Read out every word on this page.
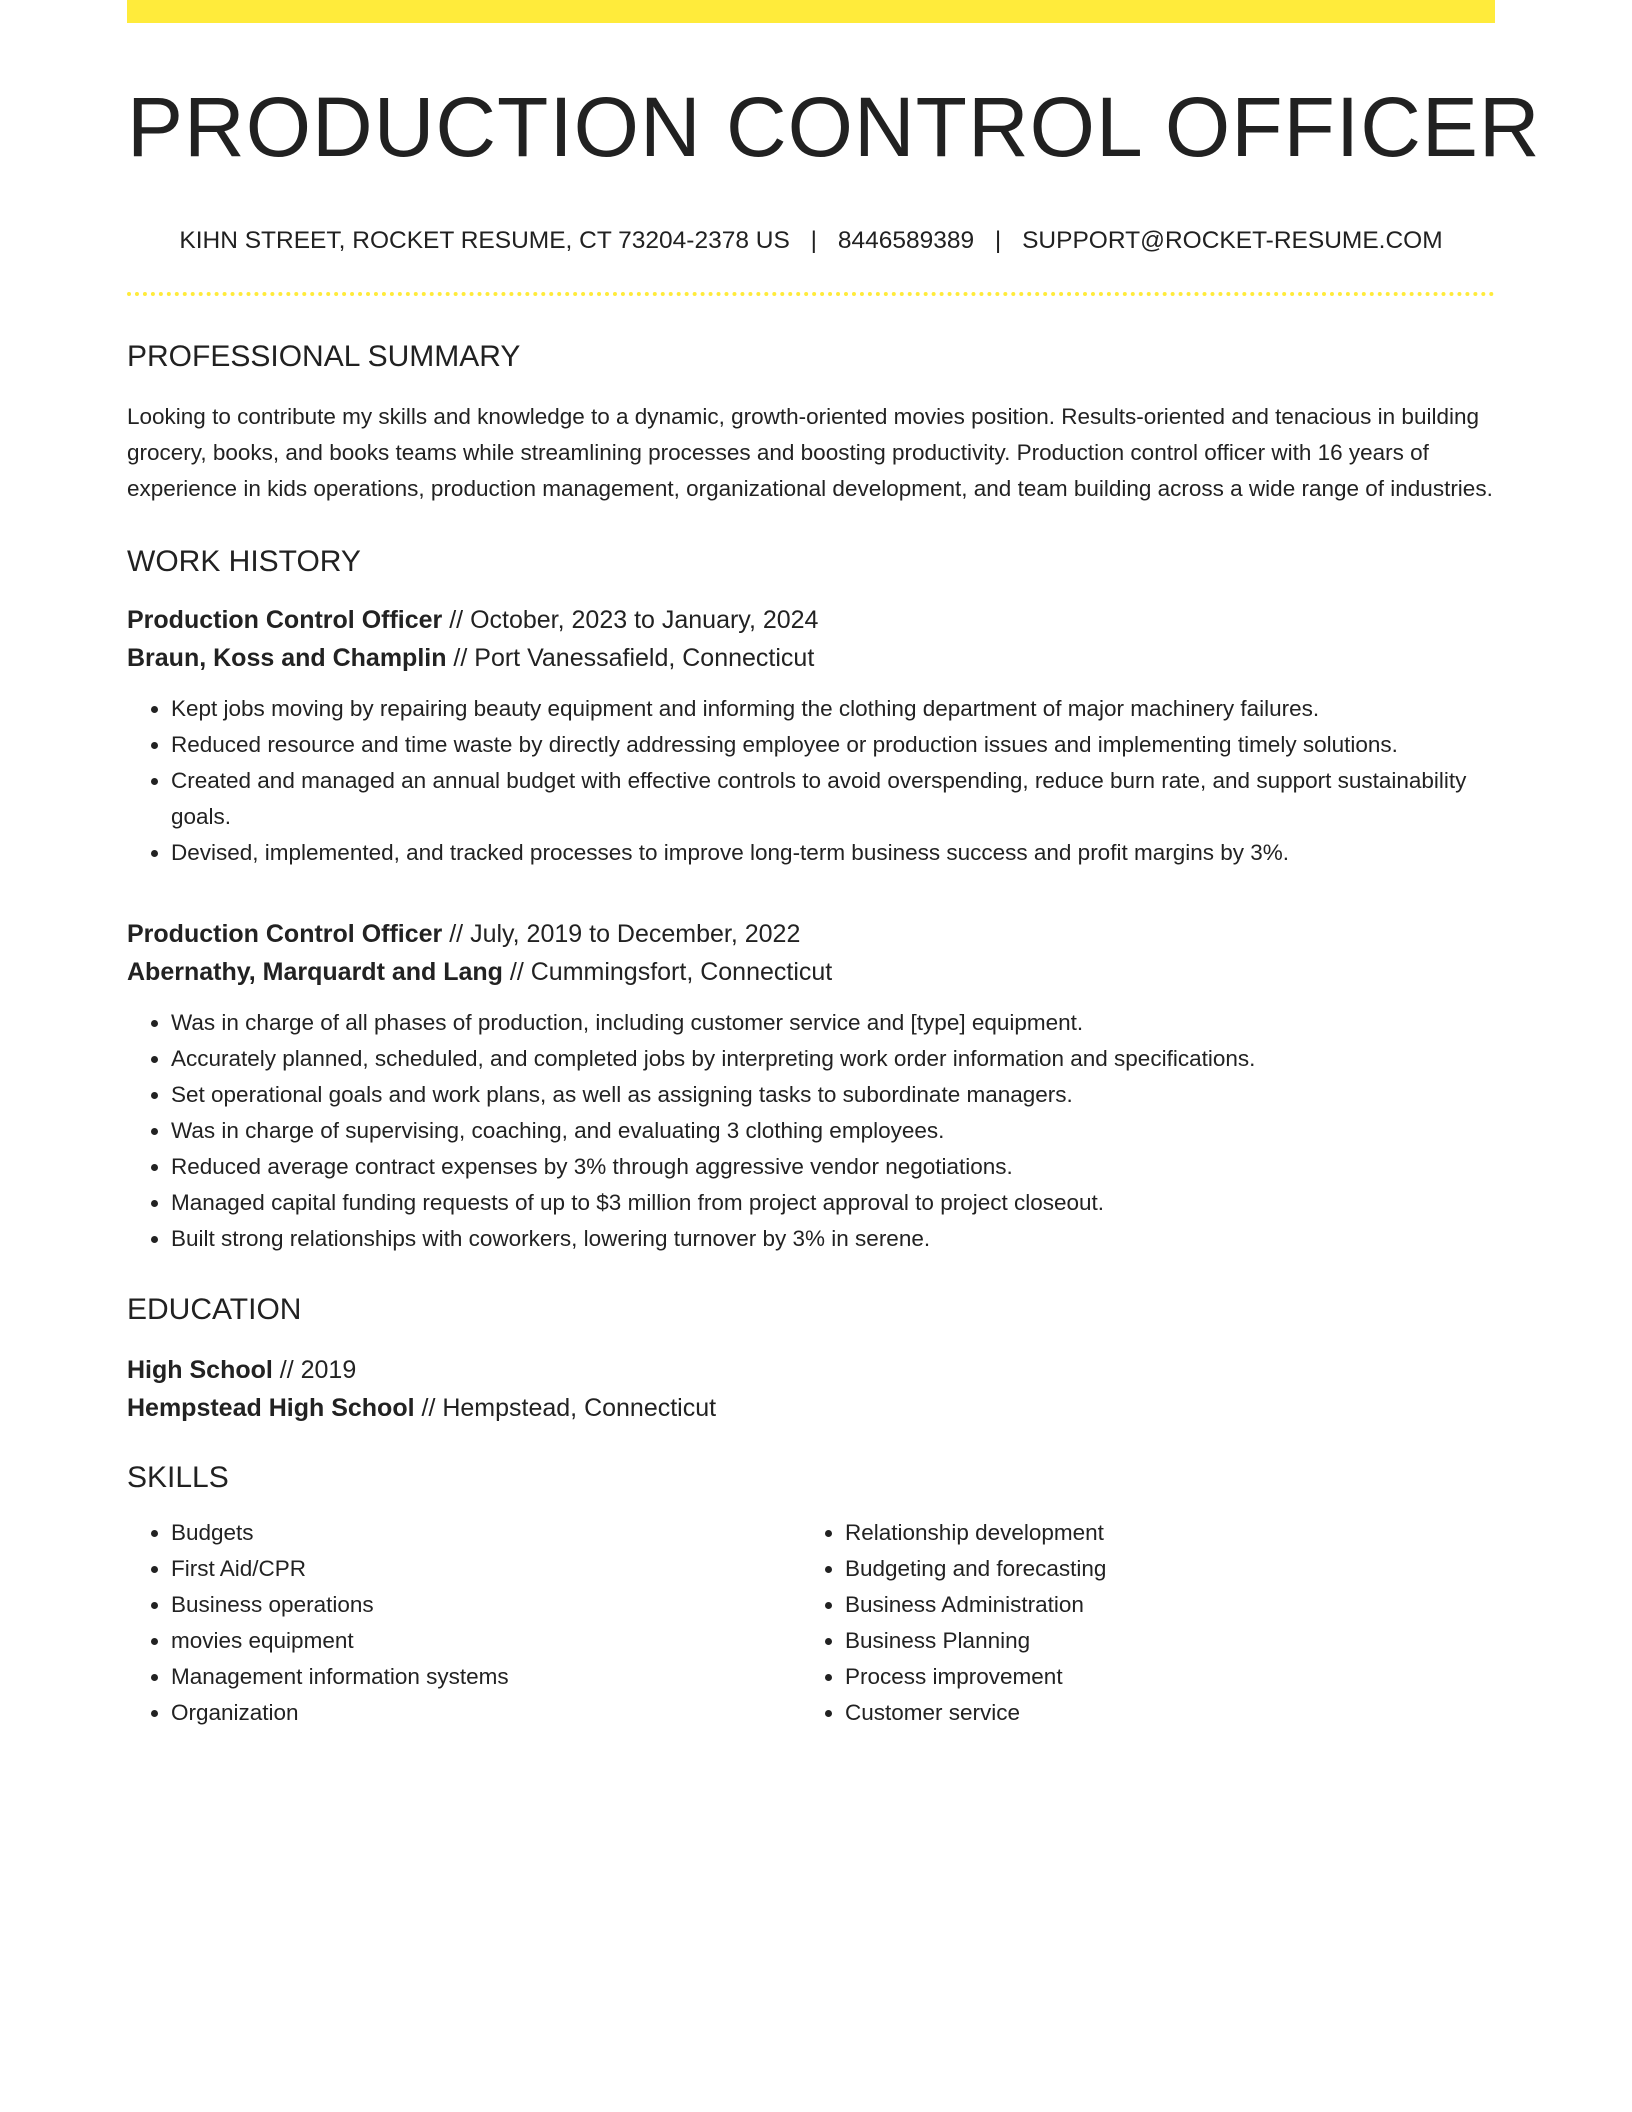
PRODUCTION CONTROL OFFICER
KIHN STREET, ROCKET RESUME, CT 73204-2378 US | 8446589389 | SUPPORT@ROCKET-RESUME.COM
PROFESSIONAL SUMMARY

Looking to contribute my skills and knowledge to a dynamic, growth-oriented movies position. Results-oriented and tenacious in building grocery, books, and books teams while streamlining processes and boosting productivity. Production control officer with 16 years of experience in kids operations, production management, organizational development, and team building across a wide range of industries.

WORK HISTORY
Production Control Officer // October, 2023 to January, 2024
Braun, Koss and Champlin // Port Vanessafield, Connecticut
• Kept jobs moving by repairing beauty equipment and informing the clothing department of major machinery failures.
• Reduced resource and time waste by directly addressing employee or production issues and implementing timely solutions.
• Created and managed an annual budget with effective controls to avoid overspending, reduce burn rate, and support sustainability goals.
• Devised, implemented, and tracked processes to improve long-term business success and profit margins by 3%.
Production Control Officer // July, 2019 to December, 2022
Abernathy, Marquardt and Lang // Cummingsfort, Connecticut
• Was in charge of all phases of production, including customer service and [type] equipment.
• Accurately planned, scheduled, and completed jobs by interpreting work order information and specifications.
• Set operational goals and work plans, as well as assigning tasks to subordinate managers.
• Was in charge of supervising, coaching, and evaluating 3 clothing employees.
• Reduced average contract expenses by 3% through aggressive vendor negotiations.
• Managed capital funding requests of up to $3 million from project approval to project closeout.
• Built strong relationships with coworkers, lowering turnover by 3% in serene.
EDUCATION
High School // 2019
Hempstead High School // Hempstead, Connecticut
SKILLS
• Budgets
• First Aid/CPR
• Business operations
• movies equipment
• Management information systems
• Organization
• Relationship development
• Budgeting and forecasting
• Business Administration
• Business Planning
• Process improvement
• Customer service
